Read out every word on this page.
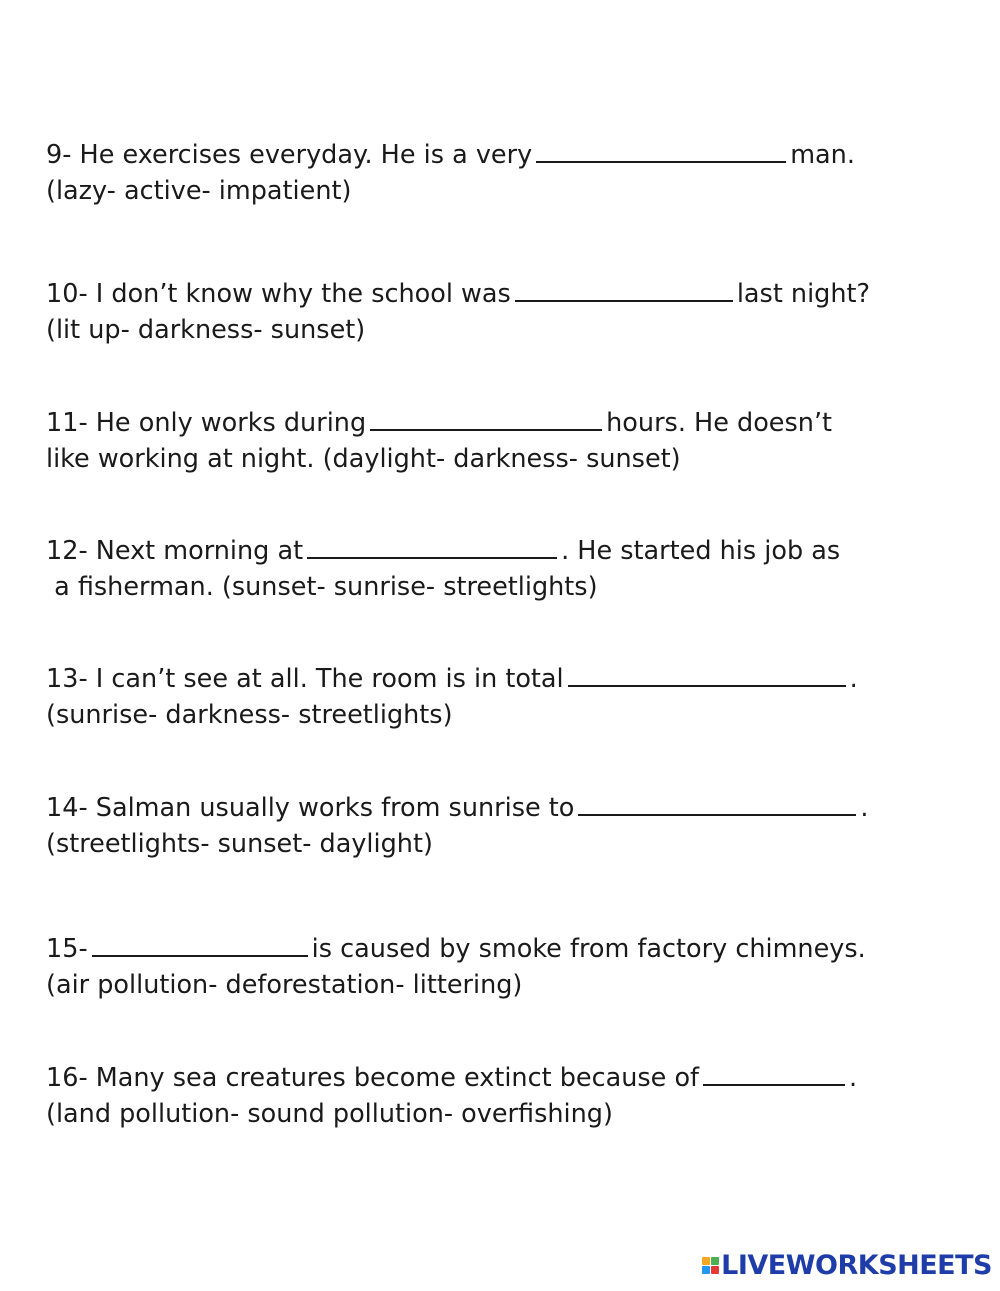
9- He exercises everyday. He is a very	man.
(lazy- active- impatient)
10- I don’t know why the school was	last night?
(lit up- darkness- sunset)
11- He only works during	hours. He doesn’t
like working at night. (daylight- darkness- sunset)
12- Next morning at	. He started his job as
a fisherman. (sunset- sunrise- streetlights)
13- I can’t see at all. The room is in total	.
(sunrise- darkness- streetlights)
14- Salman usually works from sunrise to	.
(streetlights- sunset- daylight)
15-	is caused by smoke from factory chimneys.
(air pollution- deforestation- littering)
16- Many sea creatures become extinct because of	.
(land pollution- sound pollution- overfishing)
LIVEWORKSHEETS
